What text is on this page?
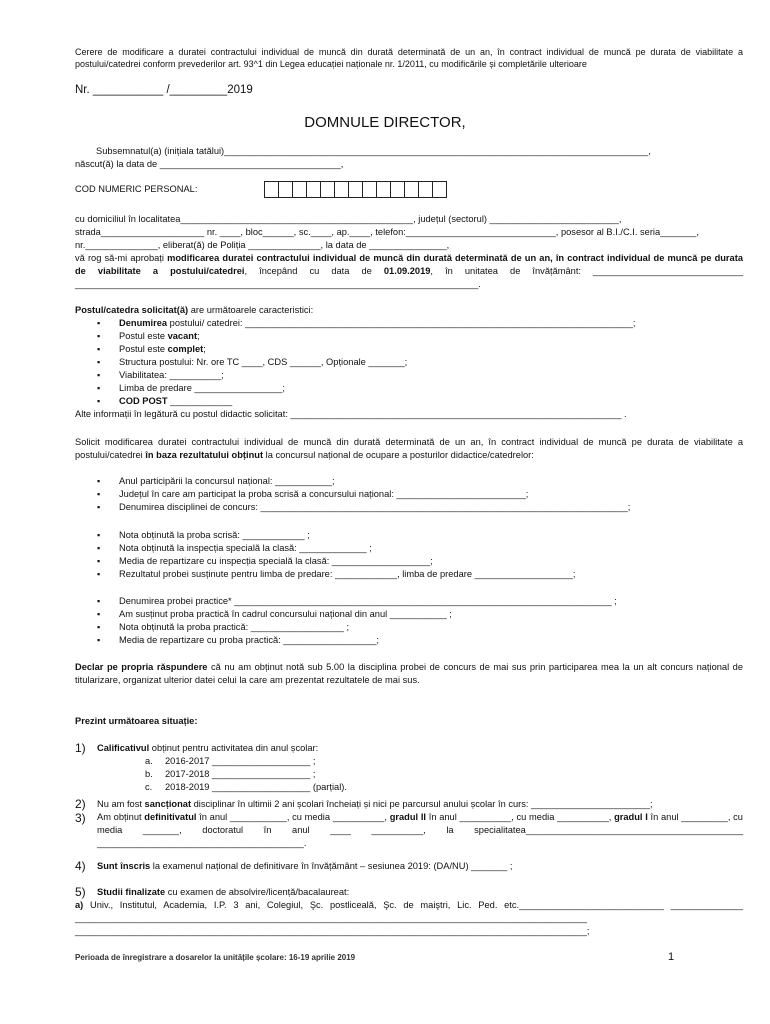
Cerere de modificare a duratei contractului individual de muncă din durată determinată de un an, în contract individual de muncă pe durata de viabilitate a postului/catedrei conform prevederilor art. 93^1 din Legea educației naționale nr. 1/2011, cu modificările și completările ulterioare
Nr. ___________ /_________2019
DOMNULE DIRECTOR,
Subsemnatul(a) (inițiala tatălui)__________________________________________________________________________________,
născut(ă) la data de ___________________________________,
COD NUMERIC PERSONAL:
cu domiciliul în localitatea_____________________________________________, județul (sectorul) _________________________,
strada____________________ nr. ____, bloc______, sc.____, ap.____, telefon:_____________________________, posesor al B.I./C.I. seria_______,
nr.______________, eliberat(ă) de Poliția ______________, la data de _______________,
vă rog să-mi aprobați modificarea duratei contractului individual de muncă din durată determinată de un an, în contract individual de muncă pe durata de viabilitate a postului/catedrei, începând cu data de 01.09.2019, în unitatea de învățământ: _____________________________ ______________________________________________________________________________.
Postul/catedra solicitat(ă) are următoarele caracteristici:
▪ Denumirea postului/ catedrei: ___________________________________________________________________________;
▪ Postul este vacant;
▪ Postul este complet;
▪ Structura postului: Nr. ore TC ____, CDS ______, Opționale _______;
▪ Viabilitatea: __________;
▪ Limba de predare _________________;
▪ COD POST ____________
Alte informații în legătură cu postul didactic solicitat: ________________________________________________________________ .
Solicit modificarea duratei contractului individual de muncă din durată determinată de un an, în contract individual de muncă pe durata de viabilitate a postului/catedrei în baza rezultatului obținut la concursul național de ocupare a posturilor didactice/catedrelor:
▪ Anul participării la concursul național: ___________;
▪ Județul în care am participat la proba scrisă a concursului național: _________________________;
▪ Denumirea disciplinei de concurs: _______________________________________________________________________;
▪ Nota obținută la proba scrisă: ____________ ;
▪ Nota obținută la inspecția specială la clasă: _____________ ;
▪ Media de repartizare cu inspecția specială la clasă: ___________________;
▪ Rezultatul probei susținute pentru limba de predare: ____________, limba de predare ___________________;
▪ Denumirea probei practice* _________________________________________________________________________ ;
▪ Am susținut proba practică în cadrul concursului național din anul ___________ ;
▪ Nota obținută la proba practică: __________________ ;
▪ Media de repartizare cu proba practică: __________________;
Declar pe propria răspundere că nu am obținut notă sub 5.00 la disciplina probei de concurs de mai sus prin participarea mea la un alt concurs național de titularizare, organizat ulterior datei celui la care am prezentat rezultatele de mai sus.
Prezint următoarea situație:
1)	Calificativul obținut pentru activitatea din anul școlar:
a. 2016-2017 ___________________ ;
b. 2017-2018 ___________________ ;
c. 2018-2019 ___________________ (parțial).
2)	Nu am fost sancționat disciplinar în ultimii 2 ani școlari încheiați și nici pe parcursul anului școlar în curs: _______________________;
3)	Am obținut definitivatul în anul ___________, cu media __________, gradul II în anul __________, cu media __________, gradul I în anul _________, cu media _______, doctoratul în anul ____ __________, la specialitatea__________________________________________ ________________________________________.
4)	Sunt înscris la examenul național de definitivare în învățământ – sesiunea 2019: (DA/NU) _______ ;
5)	Studii finalizate cu examen de absolvire/licență/bacalaureat:
a) Univ., Institutul, Academia, I.P. 3 ani, Colegiul, Şc. postliceală, Şc. de maiştri, Lic. Ped. etc.____________________________ ______________ ___________________________________________________________________________________________________ ___________________________________________________________________________________________________;
Perioada de înregistrare a dosarelor la unitățile școlare: 16-19 aprilie 2019	1
